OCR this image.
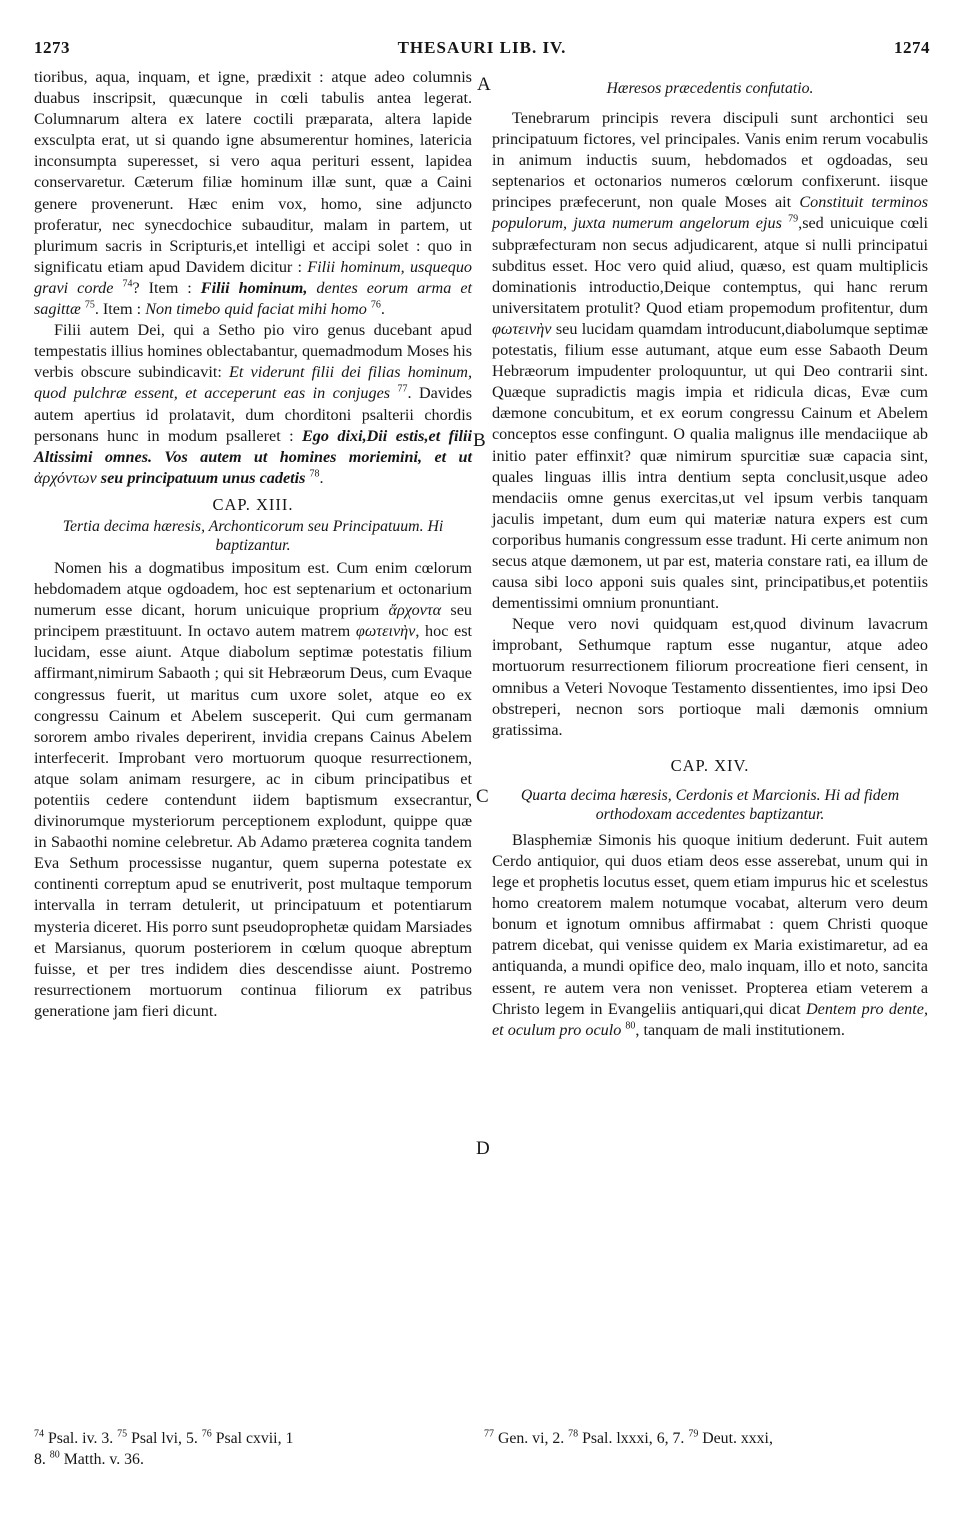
1273	THESAURI LIB. IV.	1274
A
B
C
D

tioribus, aqua, inquam, et igne, prædixit : atque adeo columnis duabus inscripsit, quæcunque in cœli tabulis antea legerat. Columnarum altera ex latere coctili præparata, altera lapide exsculpta erat, ut si quando igne absumerentur homines, latericia inconsumpta superesset, si vero aqua perituri essent, lapidea conservaretur. Cæterum filiæ hominum illæ sunt, quæ a Caini genere provenerunt. Hæc enim vox, homo, sine adjuncto proferatur, nec synecdochice subauditur, malam in partem, ut plurimum sacris in Scripturis,et intelligi et accipi solet : quo in significatu etiam apud Davidem dicitur : Filii hominum, usquequo gravi corde $^{74}$? Item : Filii hominum, dentes eorum arma et sagittæ $^{75}$. Item : Non timebo quid faciat mihi homo $^{76}$.

Filii autem Dei, qui a Setho pio viro genus ducebant apud tempestatis illius homines oblectabantur, quemadmodum Moses his verbis obscure subindicavit: Et viderunt filii dei filias hominum, quod pulchræ essent, et acceperunt eas in conjuges $^{77}$. Davides autem apertius id prolatavit, dum chorditoni psalterii chordis personans hunc in modum psalleret : Ego dixi,Dii estis,et filii Altissimi omnes. Vos autem ut homines moriemini, et ut ἀρχόντων seu principatuum unus cadetis $^{78}$.

CAP. XIII.
Tertia decima hæresis, Archonticorum seu Principatuum. Hi baptizantur.

Nomen his a dogmatibus impositum est. Cum enim cœlorum hebdomadem atque ogdoadem, hoc est septenarium et octonarium numerum esse dicant, horum unicuique proprium ἄρχοντα seu principem præstituunt. In octavo autem matrem φωτεινὴν, hoc est lucidam, esse aiunt. Atque diabolum septimæ potestatis filium affirmant,nimirum Sabaoth ; qui sit Hebræorum Deus, cum Evaque congressus fuerit, ut maritus cum uxore solet, atque eo ex congressu Cainum et Abelem susceperit. Qui cum germanam sororem ambo rivales deperirent, invidia crepans Cainus Abelem interfecerit. Improbant vero mortuorum quoque resurrectionem, atque solam animam resurgere, ac in cibum principatibus et potentiis cedere contendunt iidem baptismum exsecrantur, divinorumque mysteriorum perceptionem explodunt, quippe quæ in Sabaothi nomine celebretur. Ab Adamo præterea cognita tandem Eva Sethum processisse nugantur, quem superna potestate ex continenti correptum apud se enutriverit, post multaque temporum intervalla in terram detulerit, ut principatuum et potentiarum mysteria diceret. His porro sunt pseudoprophetæ quidam Marsiades et Marsianus, quorum posteriorem in cœlum quoque abreptum fuisse, et per tres indidem dies descendisse aiunt. Postremo resurrectionem mortuorum continua filiorum ex patribus generatione jam fieri dicunt.

Hæresos præcedentis confutatio.

Tenebrarum principis revera discipuli sunt archontici seu principatuum fictores, vel principales. Vanis enim rerum vocabulis in animum inductis suum, hebdomados et ogdoadas, seu septenarios et octonarios numeros cœlorum confixerunt. iisque principes præfecerunt, non quale Moses ait Constituit terminos populorum, juxta numerum angelorum ejus $^{79}$,sed unicuique cœli subpræfecturam non secus adjudicarent, atque si nulli principatui subditus esset. Hoc vero quid aliud, quæso, est quam multiplicis dominationis introductio,Deique contemptus, qui hanc rerum universitatem protulit? Quod etiam propemodum profitentur, dum φωτεινὴν seu lucidam quamdam introducunt,diabolumque septimæ potestatis, filium esse autumant, atque eum esse Sabaoth Deum Hebræorum impudenter proloquuntur, ut qui Deo contrarii sint. Quæque supradictis magis impia et ridicula dicas, Evæ cum dæmone concubitum, et ex eorum congressu Cainum et Abelem conceptos esse confingunt. O qualia malignus ille mendaciique ab initio pater effinxit? quæ nimirum spurcitiæ suæ capacia sint, quales linguas illis intra dentium septa conclusit,usque adeo mendaciis omne genus exercitas,ut vel ipsum verbis tanquam jaculis impetant, dum eum qui materiæ natura expers est cum corporibus humanis congressum esse tradunt. Hi certe animum non secus atque dæmonem, ut par est, materia constare rati, ea illum de causa sibi loco apponi suis quales sint, principatibus,et potentiis dementissimi omnium pronuntiant.

Neque vero novi quidquam est,quod divinum lavacrum improbant, Sethumque raptum esse nugantur, atque adeo mortuorum resurrectionem filiorum procreatione fieri censent, in omnibus a Veteri Novoque Testamento dissentientes, imo ipsi Deo obstreperi, necnon sors portioque mali dæmonis omnium gratissima.

CAP. XIV.
Quarta decima hæresis, Cerdonis et Marcionis. Hi ad fidem orthodoxam accedentes baptizantur.

Blasphemiæ Simonis his quoque initium dederunt. Fuit autem Cerdo antiquior, qui duos etiam deos esse asserebat, unum qui in lege et prophetis locutus esset, quem etiam impurus hic et scelestus homo creatorem malem notumque vocabat, alterum vero deum bonum et ignotum omnibus affirmabat : quem Christi quoque patrem dicebat, qui venisse quidem ex Maria existimaretur, ad ea antiquanda, a mundi opifice deo, malo inquam, illo et noto, sancita essent, re autem vera non venisset. Propterea etiam veterem a Christo legem in Evangeliis antiquari,qui dicat Dentem pro dente, et oculum pro oculo $^{80}$, tanquam de mali institutionem.

$^{74}$ Psal. iv. 3. $^{75}$ Psal lvi, 5. $^{76}$ Psal cxvii, 1
8. $^{80}$ Matth. v. 36.
$^{77}$ Gen. vi, 2. $^{78}$ Psal. lxxxi, 6, 7. $^{79}$ Deut. xxxi,
